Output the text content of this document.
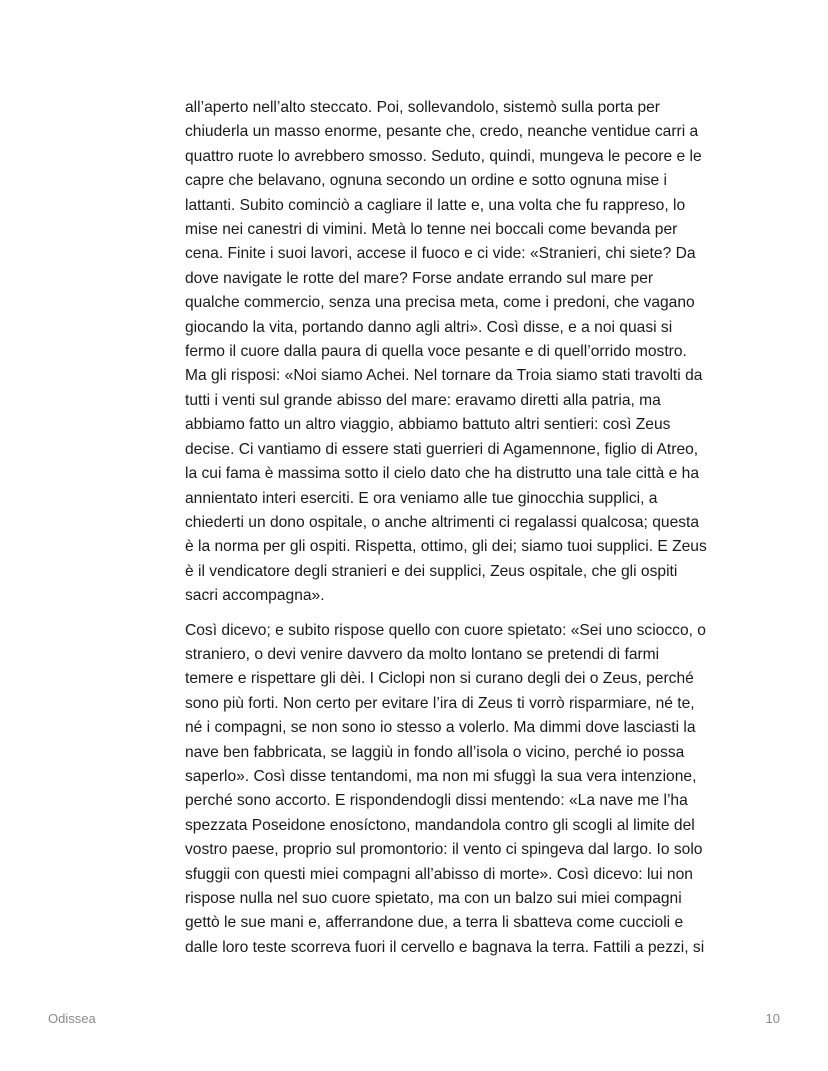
all’aperto nell’alto steccato. Poi, sollevandolo, sistemò sulla porta per
chiuderla un masso enorme, pesante che, credo, neanche ventidue carri a
quattro ruote lo avrebbero smosso. Seduto, quindi, mungeva le pecore e le
capre che belavano, ognuna secondo un ordine e sotto ognuna mise i
lattanti. Subito cominciò a cagliare il latte e, una volta che fu rappreso, lo
mise nei canestri di vimini. Metà lo tenne nei boccali come bevanda per
cena. Finite i suoi lavori, accese il fuoco e ci vide: «Stranieri, chi siete? Da
dove navigate le rotte del mare? Forse andate errando sul mare per
qualche commercio, senza una precisa meta, come i predoni, che vagano
giocando la vita, portando danno agli altri». Così disse, e a noi quasi si
fermo il cuore dalla paura di quella voce pesante e di quell’orrido mostro.
Ma gli risposi: «Noi siamo Achei. Nel tornare da Troia siamo stati travolti da
tutti i venti sul grande abisso del mare: eravamo diretti alla patria, ma
abbiamo fatto un altro viaggio, abbiamo battuto altri sentieri: così Zeus
decise. Ci vantiamo di essere stati guerrieri di Agamennone, figlio di Atreo,
la cui fama è massima sotto il cielo dato che ha distrutto una tale città e ha
annientato interi eserciti. E ora veniamo alle tue ginocchia supplici, a
chiederti un dono ospitale, o anche altrimenti ci regalassi qualcosa; questa
è la norma per gli ospiti. Rispetta, ottimo, gli dei; siamo tuoi supplici. E Zeus
è il vendicatore degli stranieri e dei supplici, Zeus ospitale, che gli ospiti
sacri accompagna».

Così dicevo; e subito rispose quello con cuore spietato: «Sei uno sciocco, o
straniero, o devi venire davvero da molto lontano se pretendi di farmi
temere e rispettare gli dèi. I Ciclopi non si curano degli dei o Zeus, perché
sono più forti. Non certo per evitare l’ira di Zeus ti vorrò risparmiare, né te,
né i compagni, se non sono io stesso a volerlo. Ma dimmi dove lasciasti la
nave ben fabbricata, se laggiù in fondo all’isola o vicino, perché io possa
saperlo». Così disse tentandomi, ma non mi sfuggì la sua vera intenzione,
perché sono accorto. E rispondendogli dissi mentendo: «La nave me l’ha
spezzata Poseidone enosíctono, mandandola contro gli scogli al limite del
vostro paese, proprio sul promontorio: il vento ci spingeva dal largo. Io solo
sfuggii con questi miei compagni all’abisso di morte». Così dicevo: lui non
rispose nulla nel suo cuore spietato, ma con un balzo sui miei compagni
gettò le sue mani e, afferrandone due, a terra li sbatteva come cuccioli e
dalle loro teste scorreva fuori il cervello e bagnava la terra. Fattili a pezzi, si

Odissea	10
